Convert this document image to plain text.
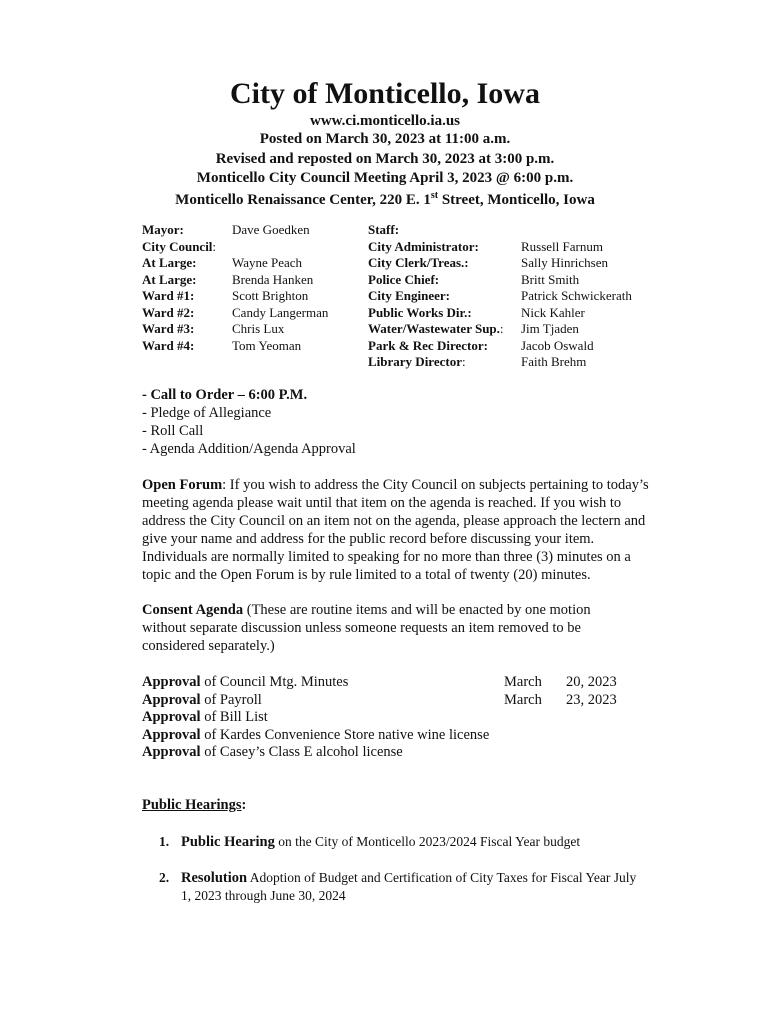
City of Monticello, Iowa
www.ci.monticello.ia.us
Posted on March 30, 2023 at 11:00 a.m.
Revised and reposted on March 30, 2023 at 3:00 p.m.
Monticello City Council Meeting April 3, 2023 @ 6:00 p.m.
Monticello Renaissance Center, 220 E. 1st Street, Monticello, Iowa
Mayor:	Dave Goedken
City Council:
At Large:	Wayne Peach
At Large:	Brenda Hanken
Ward #1:	Scott Brighton
Ward #2:	Candy Langerman
Ward #3:	Chris Lux
Ward #4:	Tom Yeoman
Staff:
City Administrator:	Russell Farnum
City Clerk/Treas.:	Sally Hinrichsen
Police Chief:	Britt Smith
City Engineer:	Patrick Schwickerath
Public Works Dir.:	Nick Kahler
Water/Wastewater Sup.: Jim Tjaden
Park & Rec Director:	Jacob Oswald
Library Director:	Faith Brehm
- Call to Order – 6:00 P.M.
- Pledge of Allegiance
- Roll Call
- Agenda Addition/Agenda Approval
Open Forum: If you wish to address the City Council on subjects pertaining to today’s meeting agenda please wait until that item on the agenda is reached. If you wish to address the City Council on an item not on the agenda, please approach the lectern and give your name and address for the public record before discussing your item. Individuals are normally limited to speaking for no more than three (3) minutes on a topic and the Open Forum is by rule limited to a total of twenty (20) minutes.
Consent Agenda (These are routine items and will be enacted by one motion without separate discussion unless someone requests an item removed to be considered separately.)
Approval of Council Mtg. Minutes	March 20, 2023
Approval of Payroll	March 23, 2023
Approval of Bill List
Approval of Kardes Convenience Store native wine license
Approval of Casey’s Class E alcohol license
Public Hearings:
1. Public Hearing on the City of Monticello 2023/2024 Fiscal Year budget
2. Resolution Adoption of Budget and Certification of City Taxes for Fiscal Year July
1, 2023 through June 30, 2024
